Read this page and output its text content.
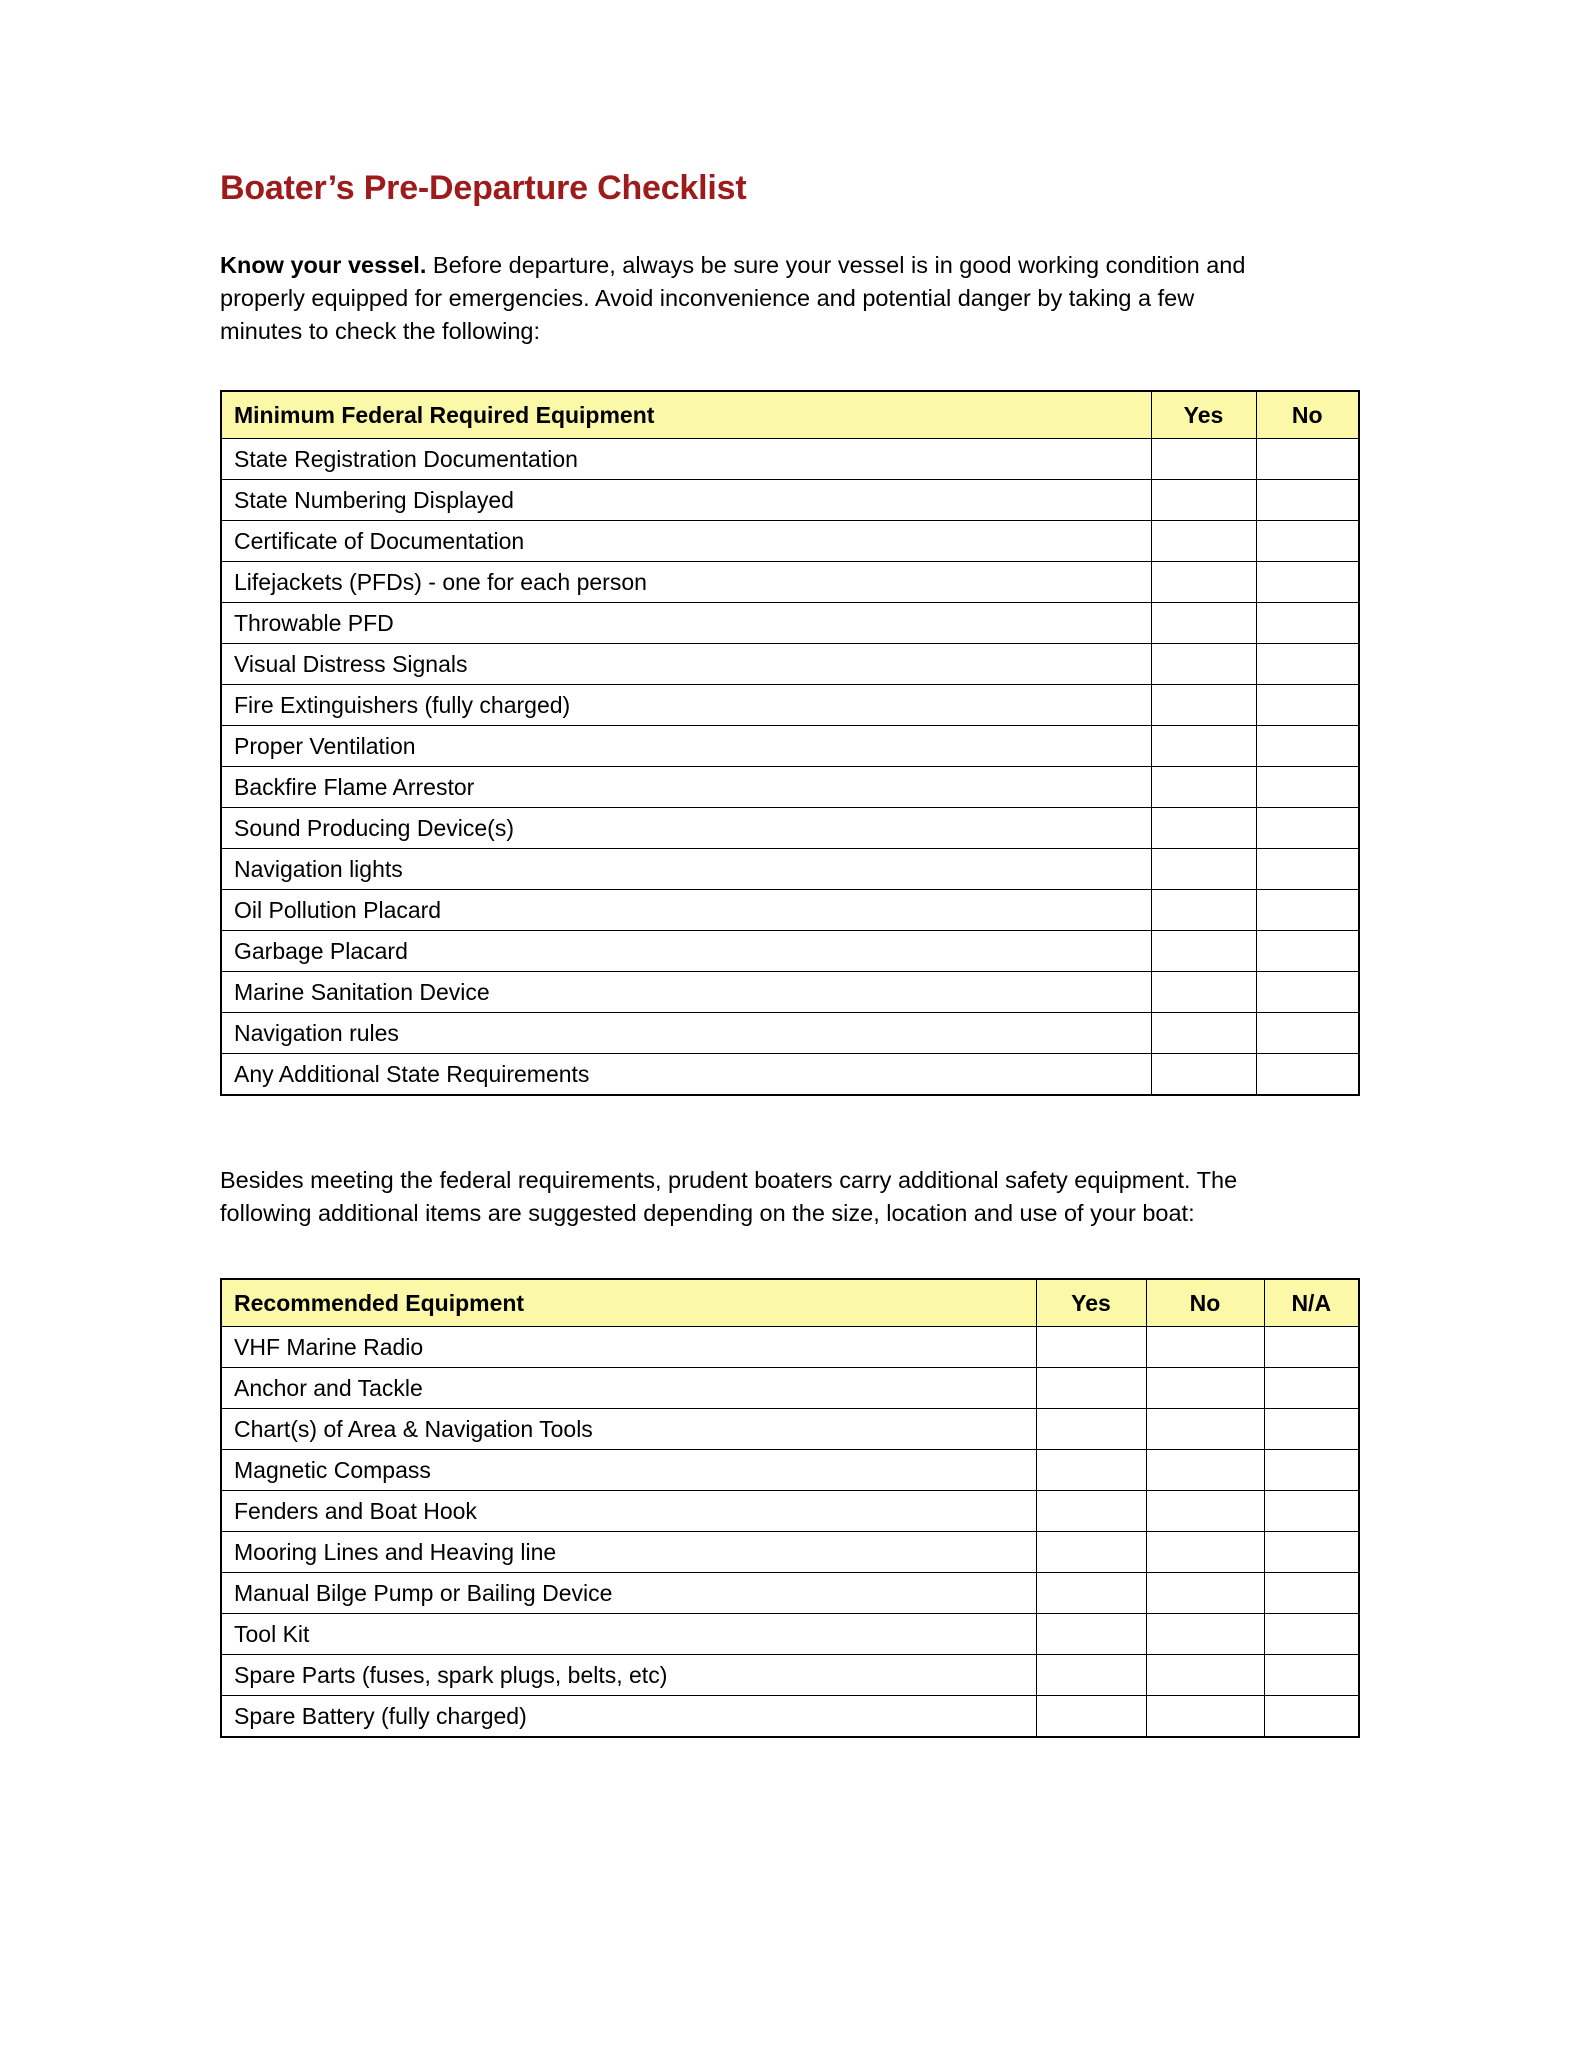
Boater’s Pre-Departure Checklist

Know your vessel. Before departure, always be sure your vessel is in good working condition and properly equipped for emergencies. Avoid inconvenience and potential danger by taking a few minutes to check the following:

Minimum Federal Required Equipment	Yes	No

State Registration Documentation		

State Numbering Displayed		

Certificate of Documentation		

Lifejackets (PFDs) - one for each person		

Throwable PFD		

Visual Distress Signals		

Fire Extinguishers (fully charged)		

Proper Ventilation		

Backfire Flame Arrestor		

Sound Producing Device(s)		

Navigation lights		

Oil Pollution Placard		

Garbage Placard		

Marine Sanitation Device		

Navigation rules		

Any Additional State Requirements		

Besides meeting the federal requirements, prudent boaters carry additional safety equipment. The following additional items are suggested depending on the size, location and use of your boat:

Recommended Equipment	Yes	No	N/A

VHF Marine Radio			

Anchor and Tackle			

Chart(s) of Area & Navigation Tools			

Magnetic Compass			

Fenders and Boat Hook			

Mooring Lines and Heaving line			

Manual Bilge Pump or Bailing Device			

Tool Kit			

Spare Parts (fuses, spark plugs, belts, etc)			

Spare Battery (fully charged)			
